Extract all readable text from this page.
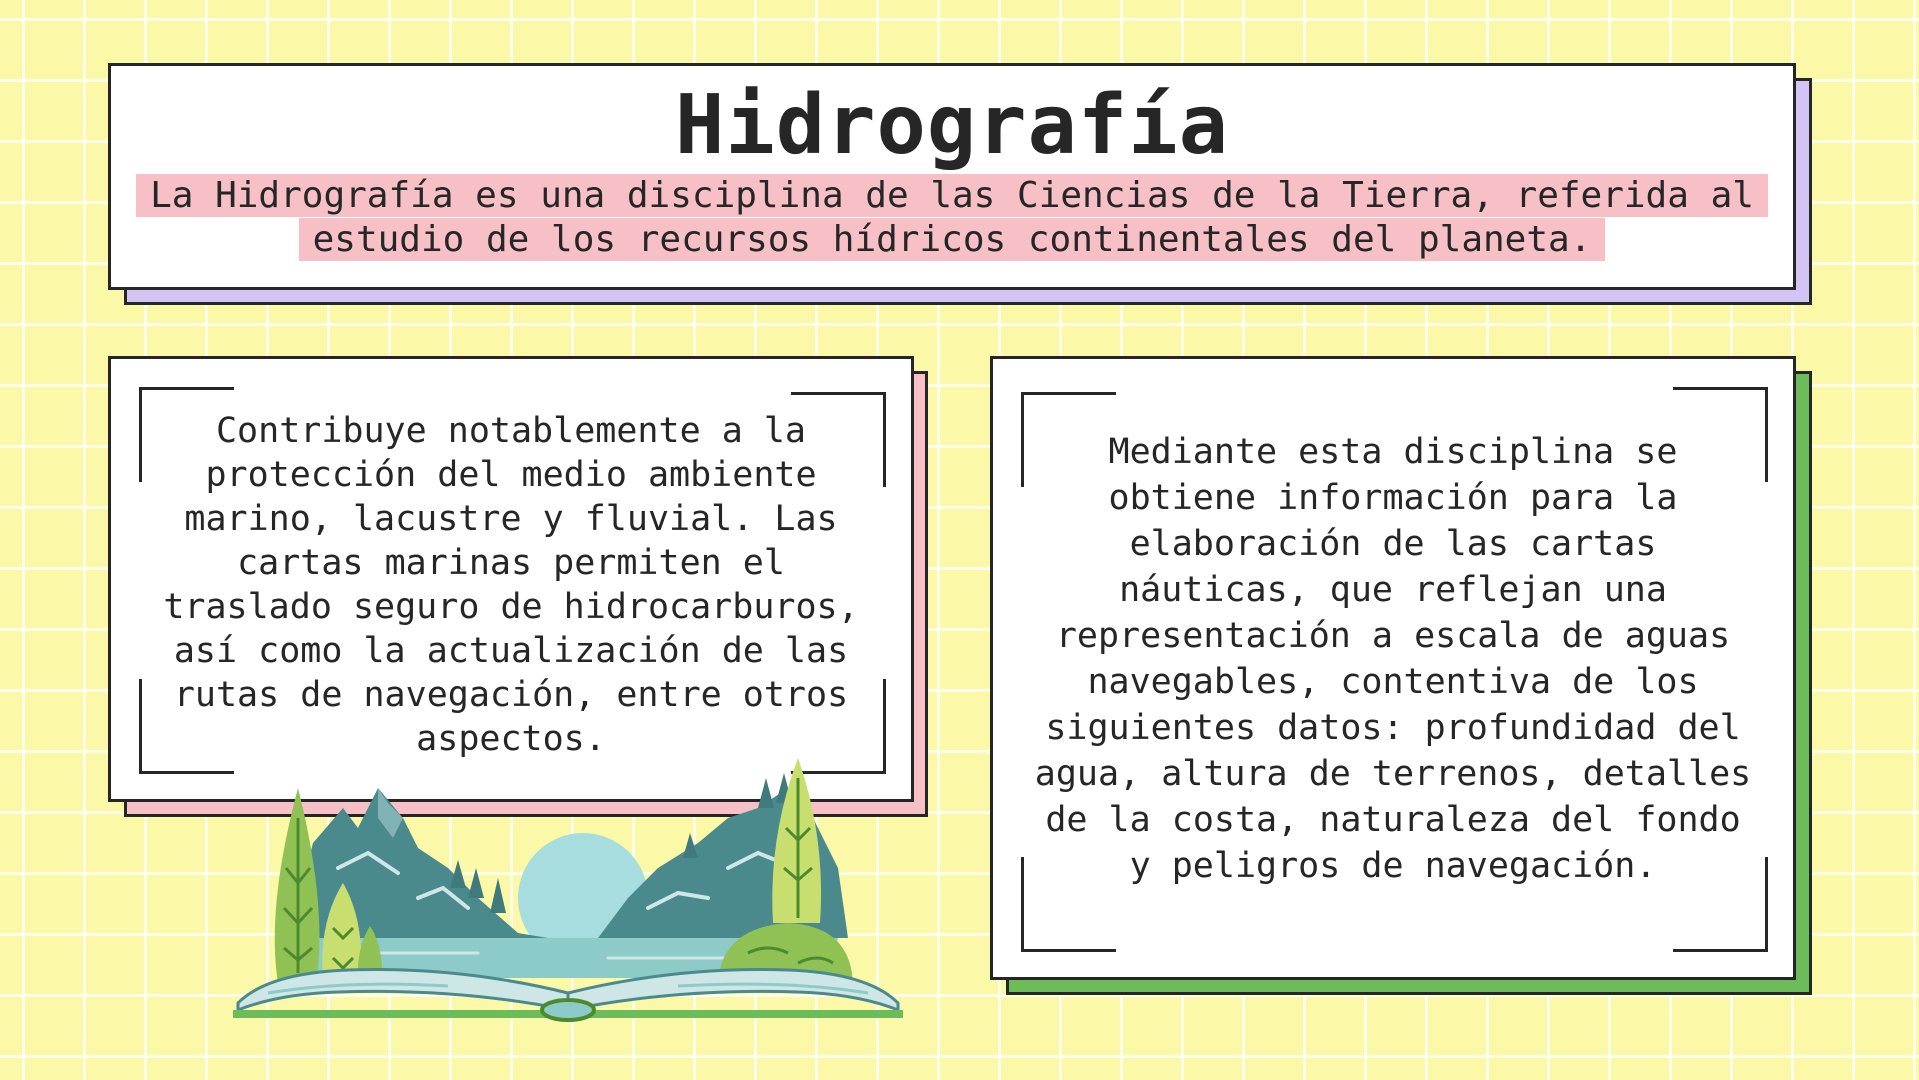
Hidrografía
La Hidrografía es una disciplina de las Ciencias de la Tierra, referida al estudio de los recursos hídricos continentales del planeta.

Contribuye notablemente a la protección del medio ambiente marino, lacustre y fluvial. Las cartas marinas permiten el traslado seguro de hidrocarburos, así como la actualización de las rutas de navegación, entre otros aspectos.

Mediante esta disciplina se obtiene información para la elaboración de las cartas náuticas, que reflejan una representación a escala de aguas navegables, contentiva de los siguientes datos: profundidad del agua, altura de terrenos, detalles de la costa, naturaleza del fondo y peligros de navegación.
